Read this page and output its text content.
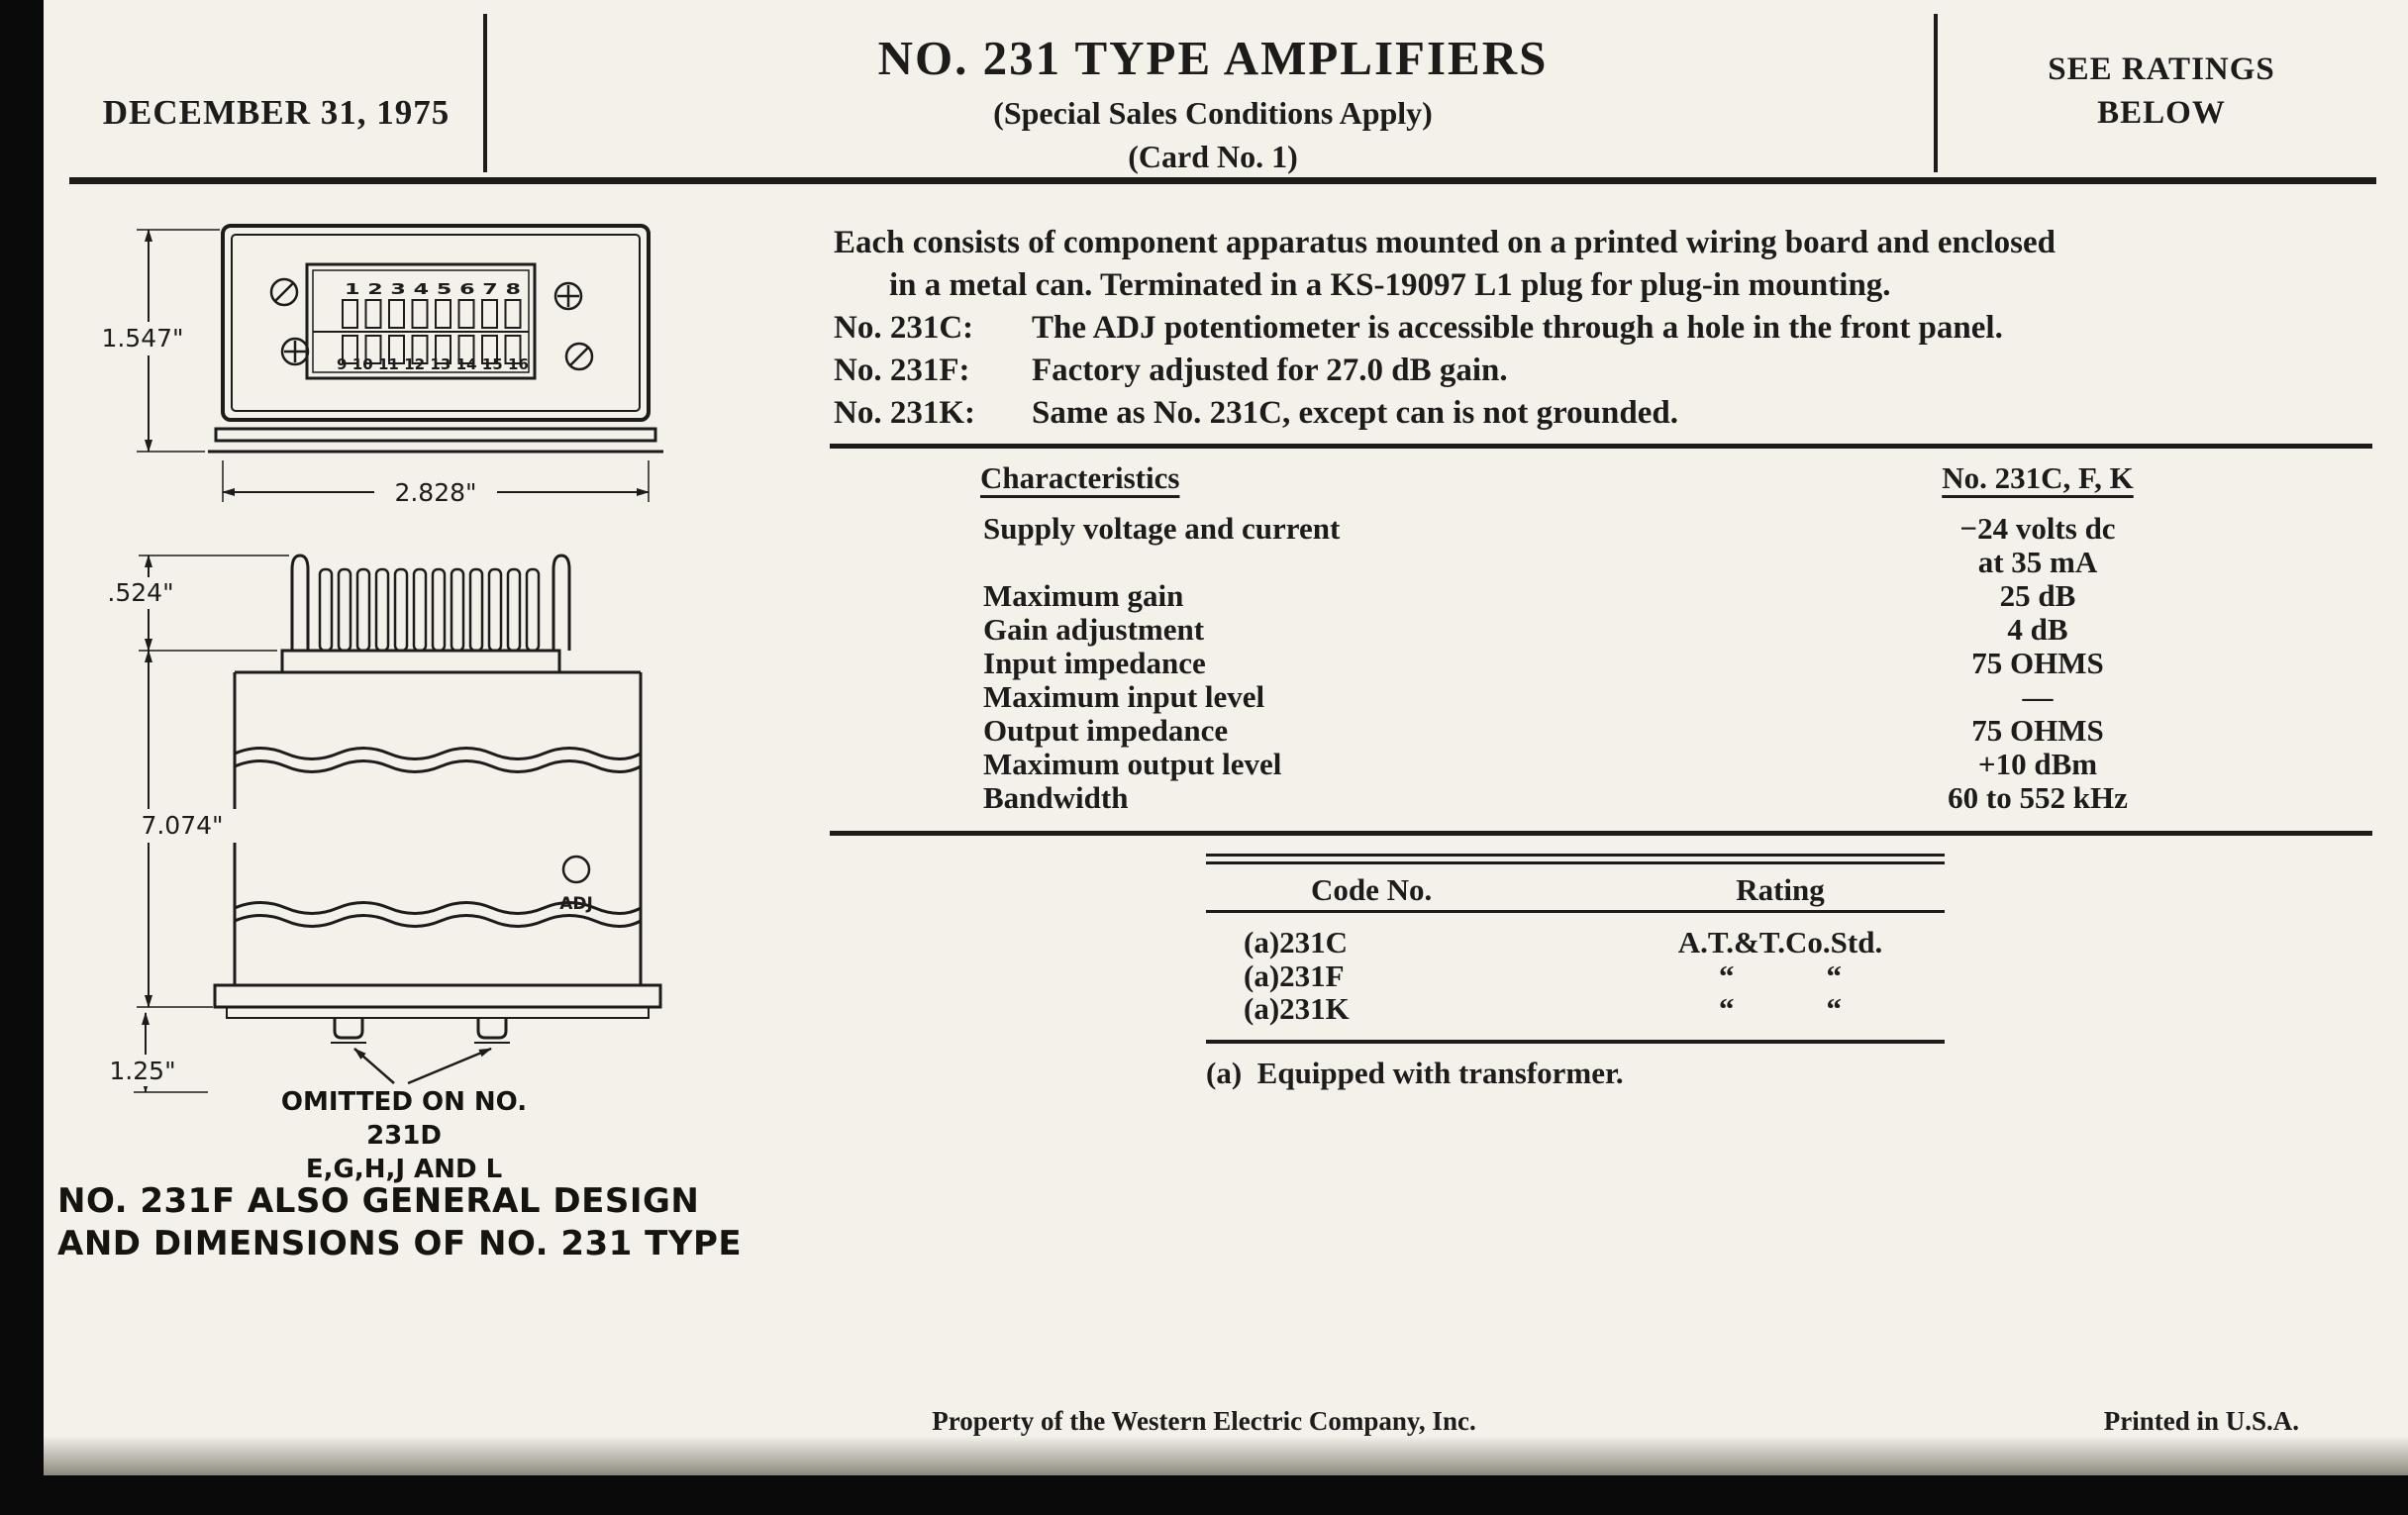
DECEMBER 31, 1975
NO. 231 TYPE AMPLIFIERS
(Special Sales Conditions Apply)
(Card No. 1)
SEE RATINGS
BELOW
Each consists of component apparatus mounted on a printed wiring board and enclosed
in a metal can. Terminated in a KS-19097 L1 plug for plug-in mounting.
No. 231C:	The ADJ potentiometer is accessible through a hole in the front panel.
No. 231F:	Factory adjusted for 27.0 dB gain.
No. 231K:	Same as No. 231C, except can is not grounded.
Characteristics	No. 231C, F, K
Supply voltage and current	−24 volts dc
at 35 mA
Maximum gain	25 dB
Gain adjustment	4 dB
Input impedance	75 OHMS
Maximum input level	—
Output impedance	75 OHMS
Maximum output level	+10 dBm
Bandwidth	60 to 552 kHz
Code No.	Rating
(a)231C	A.T.&T.Co.Std.
(a)231F	“   “
(a)231K	“   “
(a)  Equipped with transformer.
1 2 3 4 5 6 7 8
9 10 11 12 13 14 15 16
1.547"
2.828"
ADJ
.524"
7.074"
1.25"
OMITTED ON NO. 231D
E,G,H,J AND L
NO. 231F ALSO GENERAL DESIGN
AND DIMENSIONS OF NO. 231 TYPE
Property of the Western Electric Company, Inc.	Printed in U.S.A.
